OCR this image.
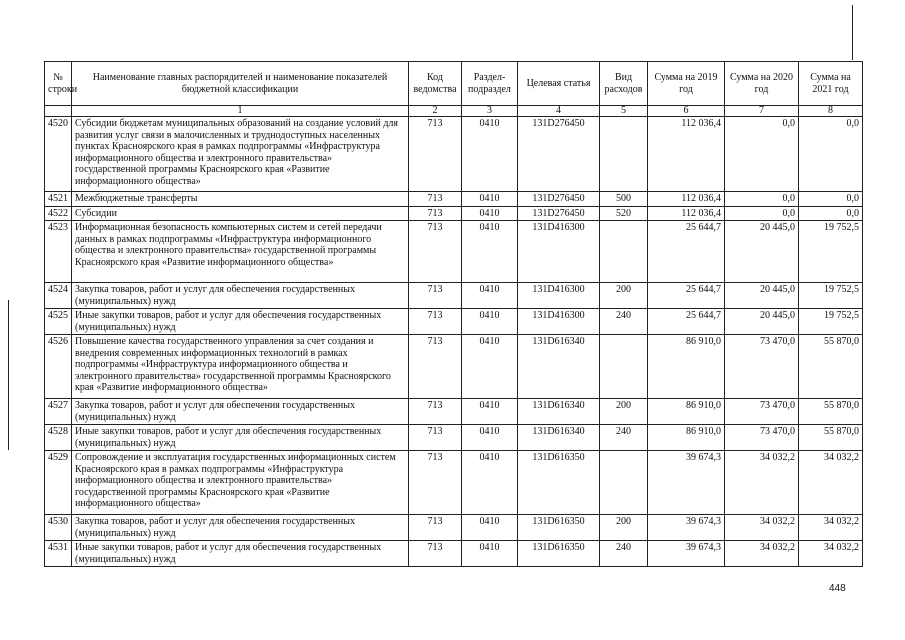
№ строки	Наименование главных распорядителей и наименование показателей бюджетной классификации	Код ведомства	Раздел-подраздел	Целевая статья	Вид расходов	Сумма на 2019 год	Сумма на 2020 год	Сумма на 2021 год
	1	2	3	4	5	6	7	8
4520	Субсидии бюджетам муниципальных образований на создание условий для развития услуг связи в малочисленных и труднодоступных населенных пунктах Красноярского края в рамках подпрограммы «Инфраструктура информационного общества и электронного правительства» государственной программы Красноярского края «Развитие информационного общества»	713	0410	131D276450		112 036,4	0,0	0,0
4521	Межбюджетные трансферты	713	0410	131D276450	500	112 036,4	0,0	0,0
4522	Субсидии	713	0410	131D276450	520	112 036,4	0,0	0,0
4523	Информационная безопасность компьютерных систем и сетей передачи данных в рамках подпрограммы «Инфраструктура информационного общества и электронного правительства» государственной программы Красноярского края «Развитие информационного общества»	713	0410	131D416300		25 644,7	20 445,0	19 752,5
4524	Закупка товаров, работ и услуг для обеспечения государственных (муниципальных) нужд	713	0410	131D416300	200	25 644,7	20 445,0	19 752,5
4525	Иные закупки товаров, работ и услуг для обеспечения государственных (муниципальных) нужд	713	0410	131D416300	240	25 644,7	20 445,0	19 752,5
4526	Повышение качества государственного управления за счет создания и внедрения современных информационных технологий в рамках подпрограммы «Инфраструктура информационного общества и электронного правительства» государственной программы Красноярского края «Развитие информационного общества»	713	0410	131D616340		86 910,0	73 470,0	55 870,0
4527	Закупка товаров, работ и услуг для обеспечения государственных (муниципальных) нужд	713	0410	131D616340	200	86 910,0	73 470,0	55 870,0
4528	Иные закупки товаров, работ и услуг для обеспечения государственных (муниципальных) нужд	713	0410	131D616340	240	86 910,0	73 470,0	55 870,0
4529	Сопровождение и эксплуатация государственных информационных систем Красноярского края в рамках подпрограммы «Инфраструктура информационного общества и электронного правительства» государственной программы Красноярского края «Развитие информационного общества»	713	0410	131D616350		39 674,3	34 032,2	34 032,2
4530	Закупка товаров, работ и услуг для обеспечения государственных (муниципальных) нужд	713	0410	131D616350	200	39 674,3	34 032,2	34 032,2
4531	Иные закупки товаров, работ и услуг для обеспечения государственных (муниципальных) нужд	713	0410	131D616350	240	39 674,3	34 032,2	34 032,2
448
